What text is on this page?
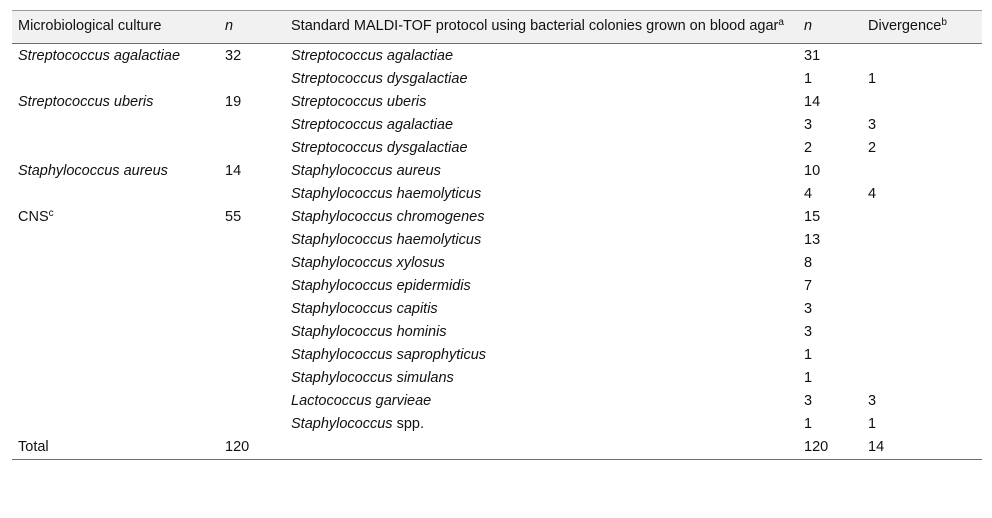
Microbiological culture	n	Standard MALDI-TOF protocol using bacterial colonies grown on blood agar$^a$	n	Divergence$^b$
Streptococcus agalactiae	32	Streptococcus agalactiae	31	
		Streptococcus dysgalactiae	1	1
Streptococcus uberis	19	Streptococcus uberis	14	
		Streptococcus agalactiae	3	3
		Streptococcus dysgalactiae	2	2
Staphylococcus aureus	14	Staphylococcus aureus	10	
		Staphylococcus haemolyticus	4	4
CNS$^c$	55	Staphylococcus chromogenes	15	
		Staphylococcus haemolyticus	13	
		Staphylococcus xylosus	8	
		Staphylococcus epidermidis	7	
		Staphylococcus capitis	3	
		Staphylococcus hominis	3	
		Staphylococcus saprophyticus	1	
		Staphylococcus simulans	1	
		Lactococcus garvieae	3	3
		Staphylococcus spp.	1	1
Total	120		120	14
